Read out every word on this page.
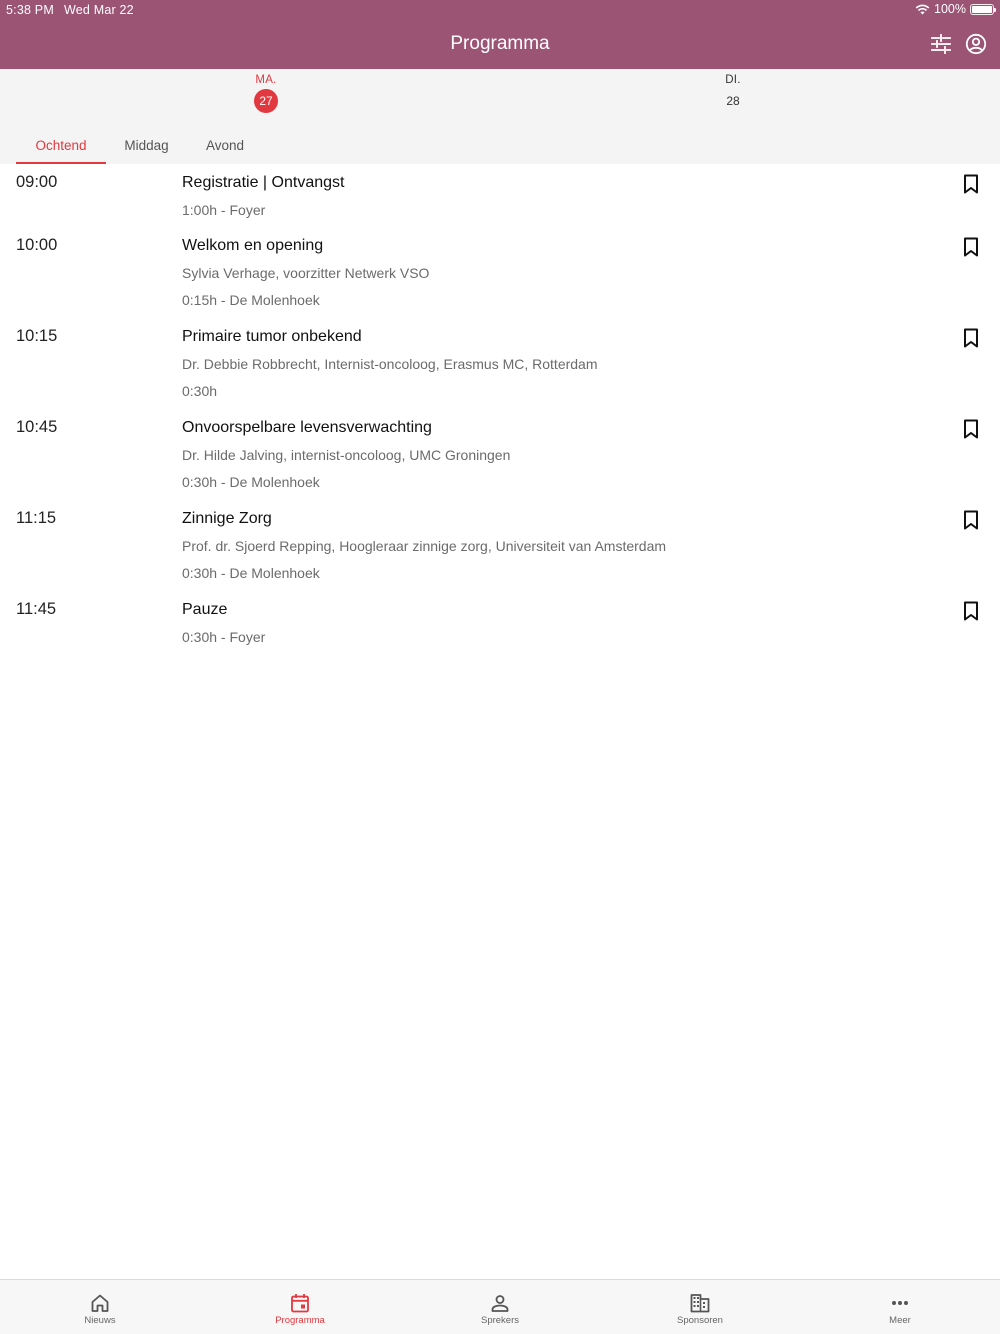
5:38 PM Wed Mar 22	100%
Programma
MA.
27
DI.
28
Ochtend	Middag	Avond
09:00	Registratie | Ontvangst
1:00h - Foyer
10:00	Welkom en opening
Sylvia Verhage, voorzitter Netwerk VSO
0:15h - De Molenhoek
10:15	Primaire tumor onbekend
Dr. Debbie Robbrecht, Internist-oncoloog, Erasmus MC, Rotterdam
0:30h
10:45	Onvoorspelbare levensverwachting
Dr. Hilde Jalving, internist-oncoloog, UMC Groningen
0:30h - De Molenhoek
11:15	Zinnige Zorg
Prof. dr. Sjoerd Repping, Hoogleraar zinnige zorg, Universiteit van Amsterdam
0:30h - De Molenhoek
11:45	Pauze
0:30h - Foyer
Nieuws	Programma	Sprekers	Sponsoren	Meer
